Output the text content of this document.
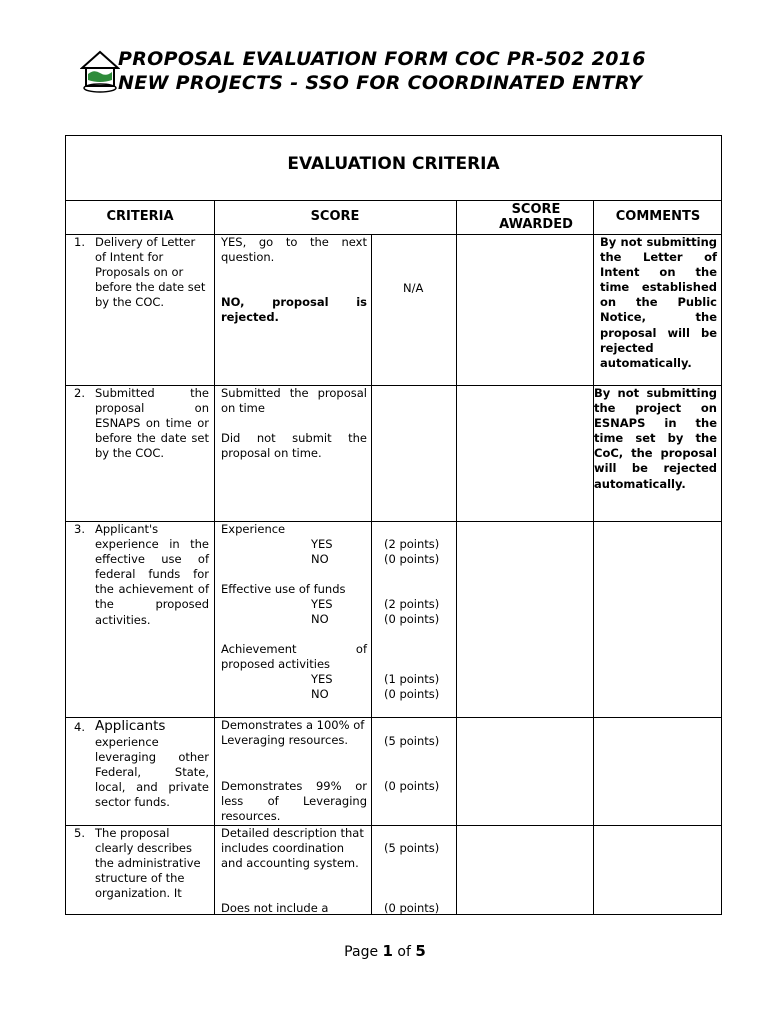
PROPOSAL EVALUATION FORM COC PR-502 2016
NEW PROJECTS - SSO FOR COORDINATED ENTRY
EVALUATION CRITERIA
CRITERIA	SCORE	SCORE AWARDED
COMMENTS
1. Delivery of Letter of Intent for Proposals on or before the date set by the COC.
YES, go to the next question.
NO, proposal is rejected.
N/A
By not submitting the Letter of Intent on the time established on the Public Notice, the proposal will be rejected automatically.
2. Submitted the proposal on ESNAPS on time or before the date set by the COC.
Submitted the proposal on time
Did not submit the proposal on time.
By not submitting the project on ESNAPS in the time set by the CoC, the proposal will be rejected automatically.
3. Applicant's experience in the effective use of federal funds for the achievement of the proposed activities.
Experience
YES
NO
(2 points)
(0 points)
Effective use of funds
YES
NO
(2 points)
(0 points)
Achievement of proposed activities
YES
NO
(1 points)
(0 points)
4. Applicants
experience leveraging other Federal, State, local, and private sector funds.
Demonstrates a 100% of Leveraging resources.
Demonstrates 99% or less of Leveraging resources.
(5 points)
(0 points)
5. The proposal clearly describes the administrative structure of the organization. It
Detailed description that includes coordination and accounting system.
Does not include a
(5 points)
(0 points)
Page 1 of 5
